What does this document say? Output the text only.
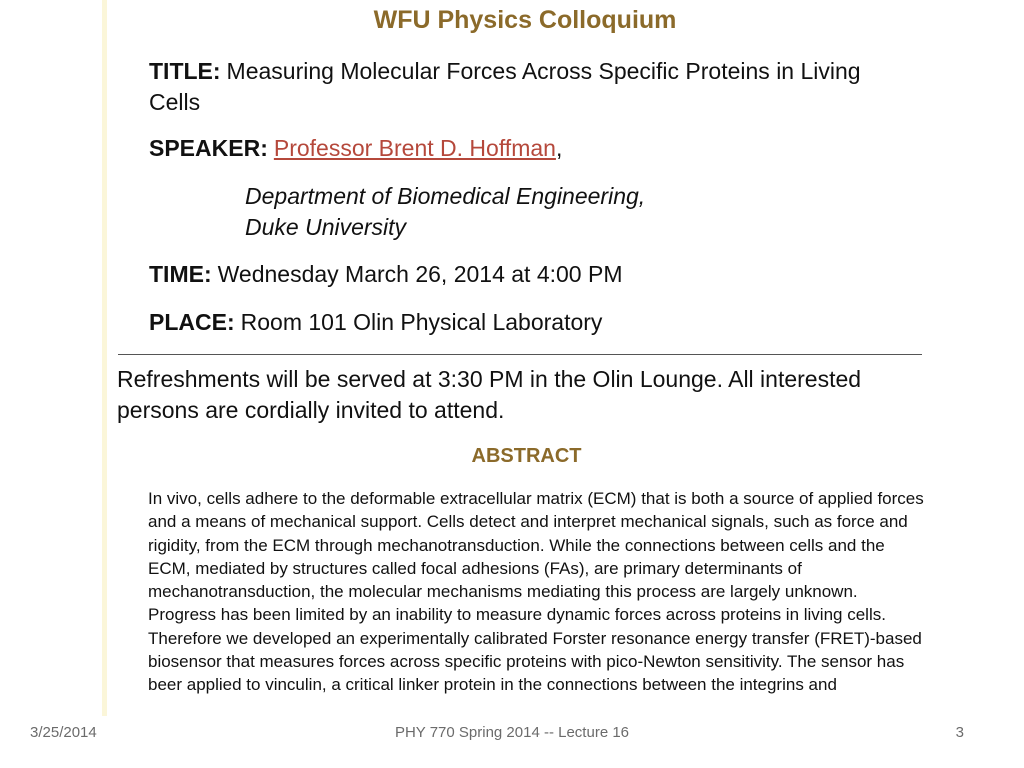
WFU Physics Colloquium
TITLE: Measuring Molecular Forces Across Specific Proteins in Living Cells
SPEAKER: Professor Brent D. Hoffman,
Department of Biomedical Engineering,
Duke University
TIME: Wednesday March 26, 2014 at 4:00 PM
PLACE: Room 101 Olin Physical Laboratory
Refreshments will be served at 3:30 PM in the Olin Lounge. All interested persons are cordially invited to attend.
ABSTRACT
In vivo, cells adhere to the deformable extracellular matrix (ECM) that is both a source of applied forces and a means of mechanical support. Cells detect and interpret mechanical signals, such as force and rigidity, from the ECM through mechanotransduction. While the connections between cells and the ECM, mediated by structures called focal adhesions (FAs), are primary determinants of mechanotransduction, the molecular mechanisms mediating this process are largely unknown. Progress has been limited by an inability to measure dynamic forces across proteins in living cells. Therefore we developed an experimentally calibrated Forster resonance energy transfer (FRET)-based biosensor that measures forces across specific proteins with pico-Newton sensitivity. The sensor has beer applied to vinculin, a critical linker protein in the connections between the integrins and
3/25/2014	PHY 770 Spring 2014 -- Lecture 16	3
